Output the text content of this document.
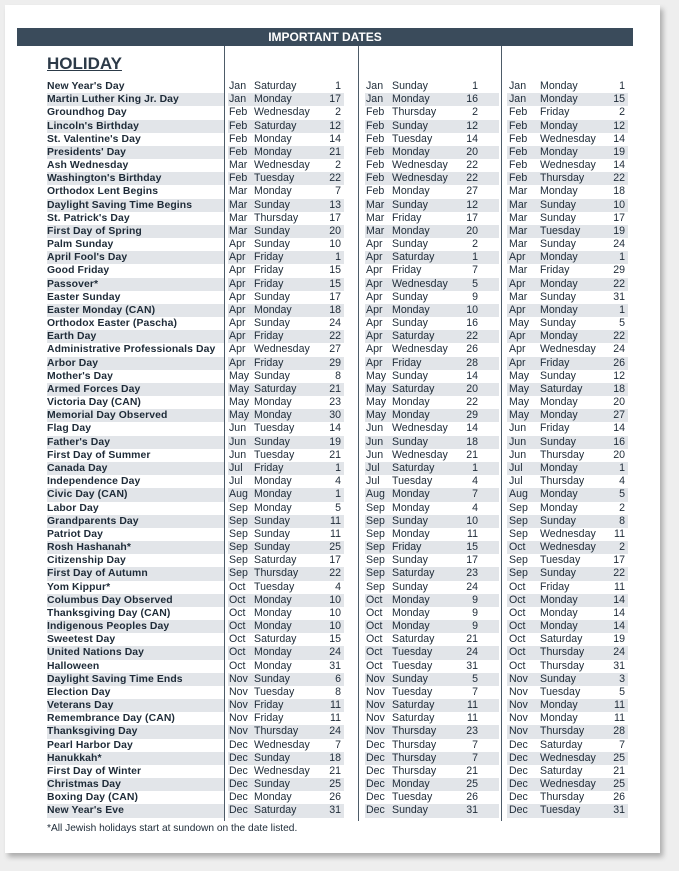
IMPORTANT DATES
HOLIDAY
New Year's Day	Jan Saturday	1 Jan Sunday	1	Jan Monday	1
Martin Luther King Jr. Day	Jan Monday	17 Jan Monday	16	Jan Monday	15
Groundhog Day	Feb Wednesday	2 Feb Thursday	2	Feb Friday	2
Lincoln's Birthday	Feb Saturday	12 Feb Sunday	12	Feb Monday	12
St. Valentine's Day	Feb Monday	14 Feb Tuesday	14	Feb Wednesday	14
Presidents' Day	Feb Monday	21 Feb Monday	20	Feb Monday	19
Ash Wednesday	Mar Wednesday	2 Feb Wednesday	22	Feb Wednesday	14
Washington's Birthday	Feb Tuesday	22 Feb Wednesday	22	Feb Thursday	22
Orthodox Lent Begins	Mar Monday	7 Feb Monday	27	Mar Monday	18
Daylight Saving Time Begins	Mar Sunday	13 Mar Sunday	12	Mar Sunday	10
St. Patrick's Day	Mar Thursday	17 Mar Friday	17	Mar Sunday	17
First Day of Spring	Mar Sunday	20 Mar Monday	20	Mar Tuesday	19
Palm Sunday	Apr Sunday	10 Apr Sunday	2	Mar Sunday	24
April Fool's Day	Apr Friday	1 Apr Saturday	1	Apr Monday	1
Good Friday	Apr Friday	15 Apr Friday	7	Mar Friday	29
Passover*	Apr Friday	15 Apr Wednesday	5	Apr Monday	22
Easter Sunday	Apr Sunday	17 Apr Sunday	9	Mar Sunday	31
Easter Monday (CAN)	Apr Monday	18 Apr Monday	10	Apr Monday	1
Orthodox Easter (Pascha)	Apr Sunday	24 Apr Sunday	16	May Sunday	5
Earth Day	Apr Friday	22 Apr Saturday	22	Apr Monday	22
Administrative Professionals Day Apr Wednesday	27 Apr Wednesday	26	Apr Wednesday	24
Arbor Day	Apr Friday	29 Apr Friday	28	Apr Friday	26
Mother's Day	May Sunday	8 May Sunday	14	May Sunday	12
Armed Forces Day	May Saturday	21 May Saturday	20	May Saturday	18
Victoria Day (CAN)	May Monday	23 May Monday	22	May Monday	20
Memorial Day Observed	May Monday	30 May Monday	29	May Monday	27
Flag Day	Jun Tuesday	14 Jun Wednesday	14	Jun Friday	14
Father's Day	Jun Sunday	19 Jun Sunday	18	Jun Sunday	16
First Day of Summer	Jun Tuesday	21 Jun Wednesday	21	Jun Thursday	20
Canada Day	Jul Friday	1 Jul Saturday	1	Jul Monday	1
Independence Day	Jul Monday	4 Jul Tuesday	4	Jul Thursday	4
Civic Day (CAN)	Aug Monday	1 Aug Monday	7	Aug Monday	5
Labor Day	Sep Monday	5 Sep Monday	4	Sep Monday	2
Grandparents Day	Sep Sunday	11 Sep Sunday	10	Sep Sunday	8
Patriot Day	Sep Sunday	11 Sep Monday	11	Sep Wednesday	11
Rosh Hashanah*	Sep Sunday	25 Sep Friday	15	Oct Wednesday	2
Citizenship Day	Sep Saturday	17 Sep Sunday	17	Sep Tuesday	17
First Day of Autumn	Sep Thursday	22 Sep Saturday	23	Sep Sunday	22
Yom Kippur*	Oct Tuesday	4 Sep Sunday	24	Oct Friday	11
Columbus Day Observed	Oct Monday	10 Oct Monday	9	Oct Monday	14
Thanksgiving Day (CAN)	Oct Monday	10 Oct Monday	9	Oct Monday	14
Indigenous Peoples Day	Oct Monday	10 Oct Monday	9	Oct Monday	14
Sweetest Day	Oct Saturday	15 Oct Saturday	21	Oct Saturday	19
United Nations Day	Oct Monday	24 Oct Tuesday	24	Oct Thursday	24
Halloween	Oct Monday	31 Oct Tuesday	31	Oct Thursday	31
Daylight Saving Time Ends	Nov Sunday	6 Nov Sunday	5	Nov Sunday	3
Election Day	Nov Tuesday	8 Nov Tuesday	7	Nov Tuesday	5
Veterans Day	Nov Friday	11 Nov Saturday	11	Nov Monday	11
Remembrance Day (CAN)	Nov Friday	11 Nov Saturday	11	Nov Monday	11
Thanksgiving Day	Nov Thursday	24 Nov Thursday	23	Nov Thursday	28
Pearl Harbor Day	Dec Wednesday	7 Dec Thursday	7	Dec Saturday	7
Hanukkah*	Dec Sunday	18 Dec Thursday	7	Dec Wednesday	25
First Day of Winter	Dec Wednesday	21 Dec Thursday	21	Dec Saturday	21
Christmas Day	Dec Sunday	25 Dec Monday	25	Dec Wednesday	25
Boxing Day (CAN)	Dec Monday	26 Dec Tuesday	26	Dec Thursday	26
New Year's Eve	Dec Saturday	31 Dec Sunday	31	Dec Tuesday	31
*All Jewish holidays start at sundown on the date listed.
